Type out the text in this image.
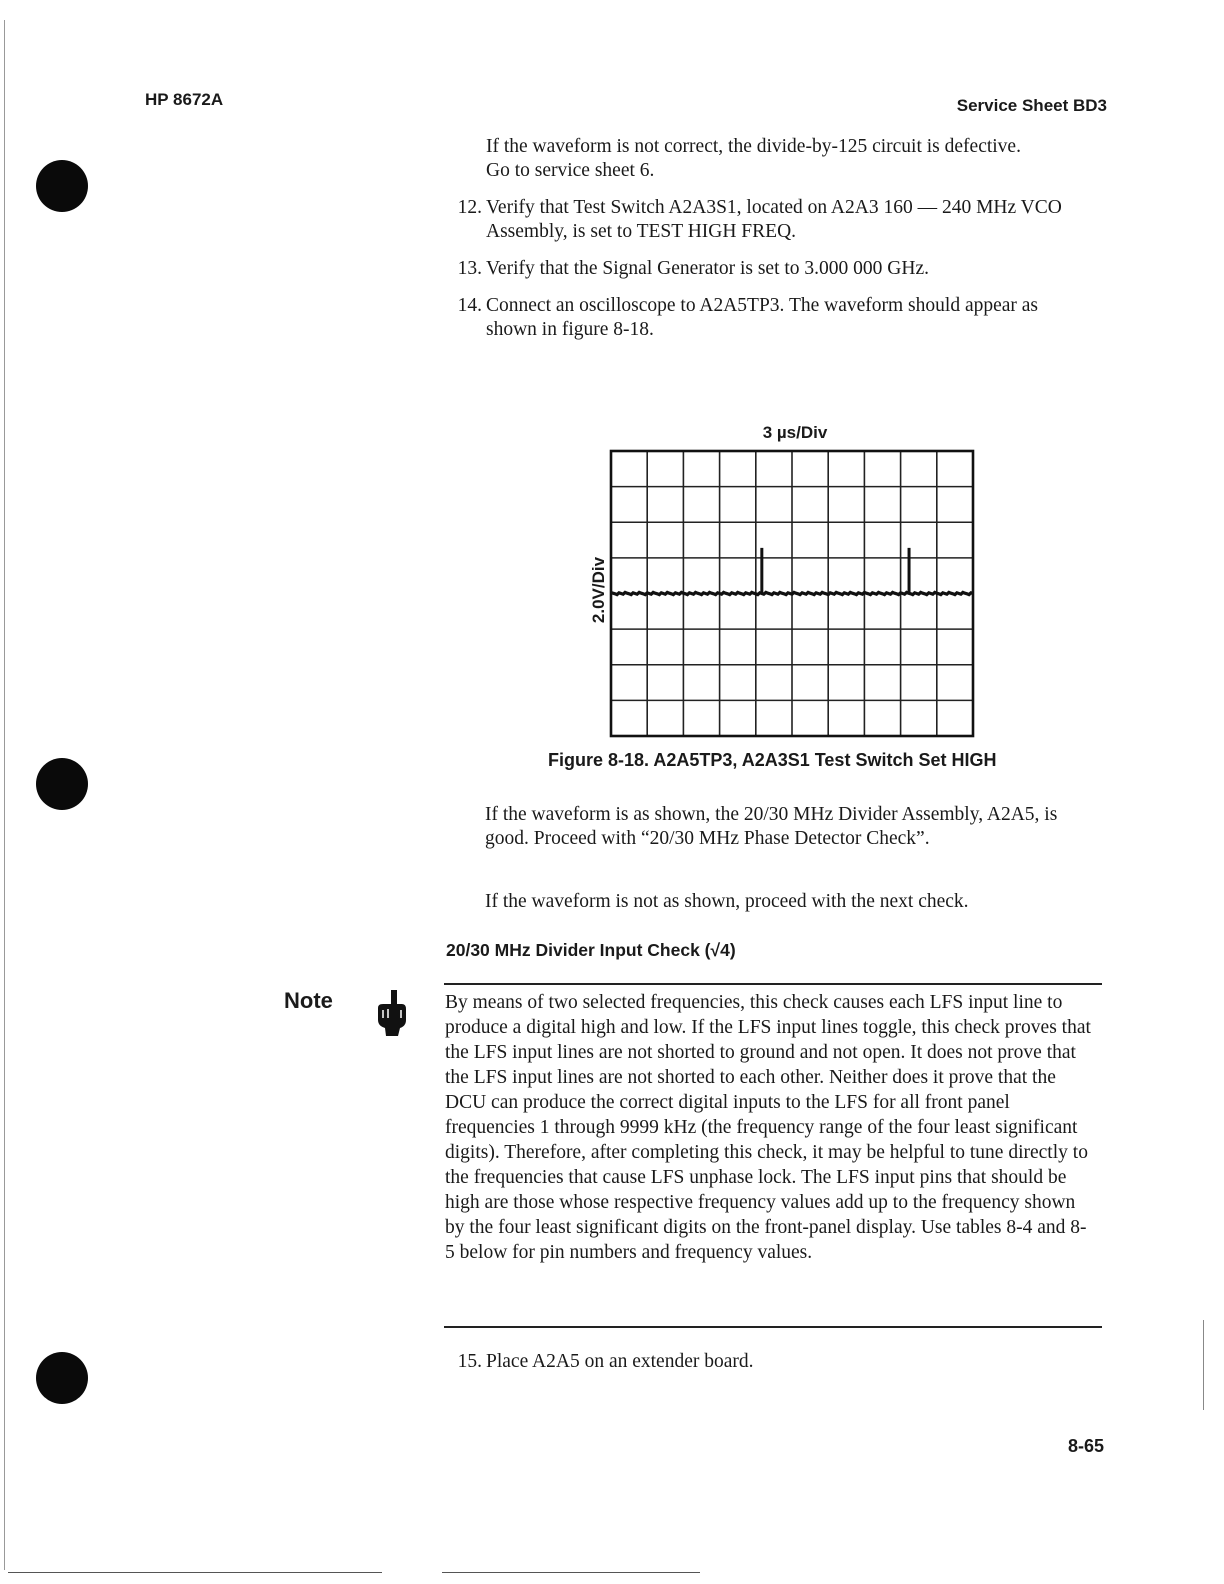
HP 8672A	Service Sheet BD3
If the waveform is not correct, the divide-by-125 circuit is defective. Go to service sheet 6.
12. Verify that Test Switch A2A3S1, located on A2A3 160 — 240 MHz VCO Assembly, is set to TEST HIGH FREQ.
13. Verify that the Signal Generator is set to 3.000 000 GHz.
14. Connect an oscilloscope to A2A5TP3. The waveform should appear as shown in figure 8-18.
3 µs/Div
2.0V/Div
Figure 8-18. A2A5TP3, A2A3S1 Test Switch Set HIGH
If the waveform is as shown, the 20/30 MHz Divider Assembly, A2A5, is good. Proceed with “20/30 MHz Phase Detector Check”.
If the waveform is not as shown, proceed with the next check.
20/30 MHz Divider Input Check (√4)
Note	By means of two selected frequencies, this check causes each LFS input line to produce a digital high and low. If the LFS input lines toggle, this check proves that the LFS input lines are not shorted to ground and not open. It does not prove that the LFS input lines are not shorted to each other. Neither does it prove that the DCU can produce the correct digital inputs to the LFS for all front panel frequencies 1 through 9999 kHz (the frequency range of the four least significant digits). Therefore, after completing this check, it may be helpful to tune directly to the frequencies that cause LFS unphase lock. The LFS input pins that should be high are those whose respective frequency values add up to the frequency shown by the four least significant digits on the front-panel display. Use tables 8-4 and 8-5 below for pin numbers and frequency values.
15. Place A2A5 on an extender board.
8-65
